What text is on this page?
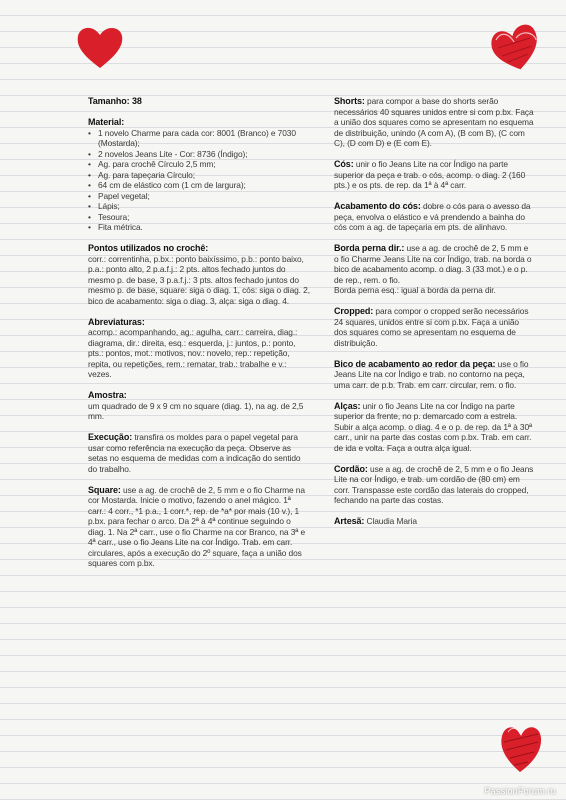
Tamanho: 38
Material:
• 1 novelo Charme para cada cor: 8001 (Branco) e 7030 (Mostarda);
• 2 novelos Jeans Lite - Cor: 8736 (Índigo);
• Ag. para crochê Círculo 2,5 mm;
• Ag. para tapeçaria Círculo;
• 64 cm de elástico com (1 cm de largura);
• Papel vegetal;
• Lápis;
• Tesoura;
• Fita métrica.
Pontos utilizados no crochê:
corr.: correntinha, p.bx.: ponto baixíssimo, p.b.: ponto baixo, p.a.: ponto alto, 2 p.a.f.j.: 2 pts. altos fechado juntos do mesmo p. de base, 3 p.a.f.j.: 3 pts. altos fechado juntos do mesmo p. de base, square: siga o diag. 1, cós: siga o diag. 2, bico de acabamento: siga o diag. 3, alça: siga o diag. 4.
Abreviaturas:
acomp.: acompanhando, ag.: agulha, carr.: carreira, diag.: diagrama, dir.: direita, esq.: esquerda, j.: juntos, p.: ponto, pts.: pontos, mot.: motivos, nov.: novelo, rep.: repetição, repita, ou repetições, rem.: rematar, trab.: trabalhe e v.: vezes.
Amostra:
um quadrado de 9 x 9 cm no square (diag. 1), na ag. de 2,5 mm.
Execução: transfira os moldes para o papel vegetal para usar como referência na execução da peça. Observe as setas no esquema de medidas com a indicação do sentido do trabalho.
Square: use a ag. de crochê de 2, 5 mm e o fio Charme na cor Mostarda. Inicie o motivo, fazendo o anel mágico. 1ª carr.: 4 corr., *1 p.a., 1 corr.*, rep. de *a* por mais (10 v.), 1 p.bx. para fechar o arco. Da 2ª à 4ª continue seguindo o diag. 1. Na 2ª carr., use o fio Charme na cor Branco, na 3ª e 4ª carr., use o fio Jeans Lite na cor Índigo. Trab. em carr. circulares, após a execução do 2º square, faça a união dos squares com p.bx.
Shorts: para compor a base do shorts serão necessários 40 squares unidos entre si com p.bx. Faça a união dos squares como se apresentam no esquema de distribuição, unindo (A com A), (B com B), (C com C), (D com D) e (E com E).
Cós: unir o fio Jeans Lite na cor Índigo na parte superior da peça e trab. o cós, acomp. o diag. 2 (160 pts.) e os pts. de rep. da 1ª à 4ª carr.
Acabamento do cós: dobre o cós para o avesso da peça, envolva o elástico e vá prendendo a bainha do cós com a ag. de tapeçaria em pts. de alinhavo.
Borda perna dir.: use a ag. de crochê de 2, 5 mm e o fio Charme Jeans Lite na cor Índigo, trab. na borda o bico de acabamento acomp. o diag. 3 (33 mot.) e o p. de rep., rem. o fio.
Borda perna esq.: igual a borda da perna dir.
Cropped: para compor o cropped serão necessários 24 squares, unidos entre si com p.bx. Faça a união dos squares como se apresentam no esquema de distribuição.
Bico de acabamento ao redor da peça: use o fio Jeans Lite na cor Índigo e trab. no contorno na peça, uma carr. de p.b. Trab. em carr. circular, rem. o fio.
Alças: unir o fio Jeans Lite na cor Índigo na parte superior da frente, no p. demarcado com a estrela. Subir a alça acomp. o diag. 4 e o p. de rep. da 1ª à 30ª carr., unir na parte das costas com p.bx. Trab. em carr. de ida e volta. Faça a outra alça igual.
Cordão: use a ag. de crochê de 2, 5 mm e o fio Jeans Lite na cor Índigo, e trab. um cordão de (80 cm) em corr. Transpasse este cordão das laterais do cropped, fechando na parte das costas.
Artesã: Claudia Maria
PassionForum.ru
